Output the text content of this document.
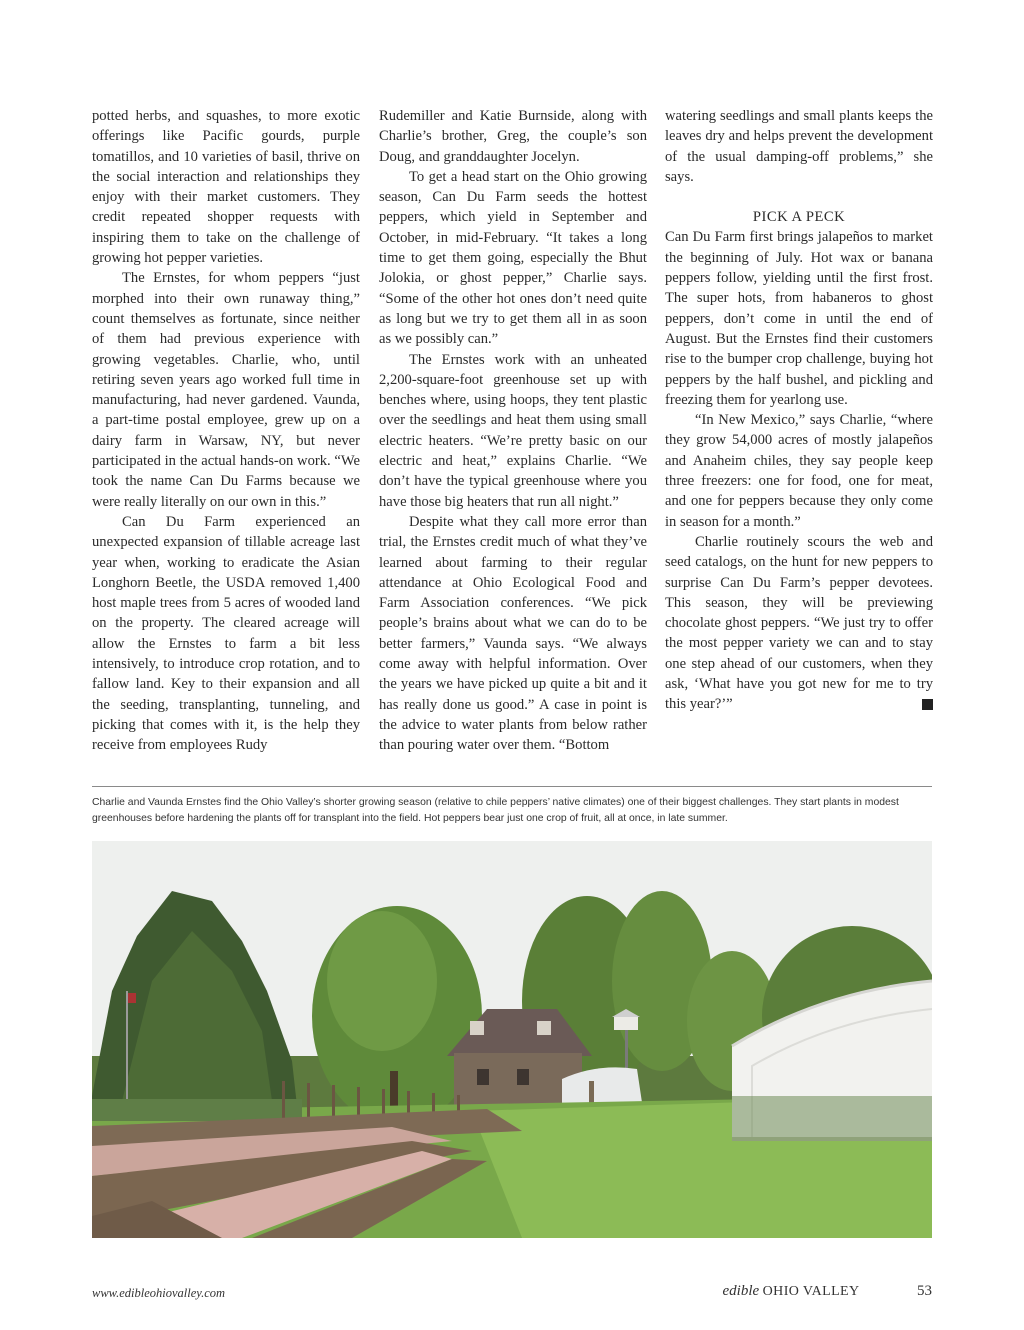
potted herbs, and squashes, to more exotic offerings like Pacific gourds, purple tomatillos, and 10 varieties of basil, thrive on the social interaction and relationships they enjoy with their market customers. They credit repeated shopper requests with inspiring them to take on the challenge of growing hot pepper varieties.

The Ernstes, for whom peppers “just morphed into their own runaway thing,” count themselves as fortunate, since neither of them had previous experience with growing vegetables. Charlie, who, until retiring seven years ago worked full time in manufacturing, had never gardened. Vaunda, a part-time postal employee, grew up on a dairy farm in Warsaw, NY, but never participated in the actual hands-on work. “We took the name Can Du Farms because we were really literally on our own in this.”

Can Du Farm experienced an unexpected expansion of tillable acreage last year when, working to eradicate the Asian Longhorn Beetle, the USDA removed 1,400 host maple trees from 5 acres of wooded land on the property. The cleared acreage will allow the Ernstes to farm a bit less intensively, to introduce crop rotation, and to fallow land. Key to their expansion and all the seeding, transplanting, tunneling, and picking that comes with it, is the help they receive from employees Rudy

Rudemiller and Katie Burnside, along with Charlie’s brother, Greg, the couple’s son Doug, and granddaughter Jocelyn.

To get a head start on the Ohio growing season, Can Du Farm seeds the hottest peppers, which yield in September and October, in mid-February. “It takes a long time to get them going, especially the Bhut Jolokia, or ghost pepper,” Charlie says. “Some of the other hot ones don’t need quite as long but we try to get them all in as soon as we possibly can.”

The Ernstes work with an unheated 2,200-square-foot greenhouse set up with benches where, using hoops, they tent plastic over the seedlings and heat them using small electric heaters. “We’re pretty basic on our electric and heat,” explains Charlie. “We don’t have the typical greenhouse where you have those big heaters that run all night.”

Despite what they call more error than trial, the Ernstes credit much of what they’ve learned about farming to their regular attendance at Ohio Ecological Food and Farm Association conferences. “We pick people’s brains about what we can do to be better farmers,” Vaunda says. “We always come away with helpful information. Over the years we have picked up quite a bit and it has really done us good.” A case in point is the advice to water plants from below rather than pouring water over them. “Bottom

watering seedlings and small plants keeps the leaves dry and helps prevent the development of the usual damping-off problems,” she says.

PICK A PECK

Can Du Farm first brings jalapeños to market the beginning of July. Hot wax or banana peppers follow, yielding until the first frost. The super hots, from habaneros to ghost peppers, don’t come in until the end of August. But the Ernstes find their customers rise to the bumper crop challenge, buying hot peppers by the half bushel, and pickling and freezing them for yearlong use.

“In New Mexico,” says Charlie, “where they grow 54,000 acres of mostly jalapeños and Anaheim chiles, they say people keep three freezers: one for food, one for meat, and one for peppers because they only come in season for a month.”

Charlie routinely scours the web and seed catalogs, on the hunt for new peppers to surprise Can Du Farm’s pepper devotees. This season, they will be previewing chocolate ghost peppers. “We just try to offer the most pepper variety we can and to stay one step ahead of our customers, when they ask, ‘What have you got new for me to try this year?’”

Charlie and Vaunda Ernstes find the Ohio Valley’s shorter growing season (relative to chile peppers’ native climates) one of their biggest challenges. They start plants in modest greenhouses before hardening the plants off for transplant into the field. Hot peppers bear just one crop of fruit, all at once, in late summer.
www.edibleohiovalley.com	edible OHIO VALLEY	53
